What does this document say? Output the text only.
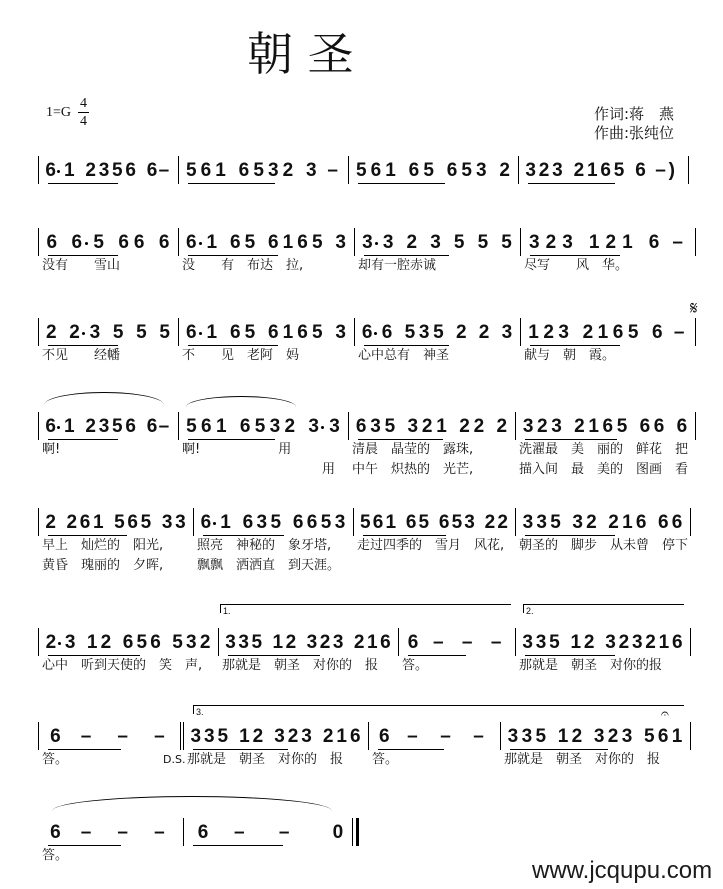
朝 圣
1=G
4
4	作词:蒋　燕
作曲:张纯位
6 1 2 3 5 6 6 – 5 6 1 6 5 3 2 3 – 5 6 1 6 5 6 5 3 2 3 2 3 2 1 6 5 6 – )
6 6 5 6 6 6 6 1 6 5 6 1 6 5 3 3 3 2 3 5 5 5 3 2 3 1 2 1 6 –
没有　　雪山	没　　有　布达　拉,	却有一腔赤诚	尽写　　风　华。
2 2 3 5 5 5 6 1 6 5 6 1 6 5 3 6 6 5 3 5 2 2 3 1 2 3 2 1 6 5 6 –
不见　　经幡	不　　见　老阿　妈	心中总有　神圣	献与　朝　霞。
6 1 2 3 5 6 6 – 5 6 1 6 5 3 2 3 3 6 3 5 3 2 1 2 2 2 3 2 3 2 1 6 5 6 6 6
啊!	啊!　　　　　　用	清晨　晶莹的　露珠,	洗濯最　美　丽的　鲜花　把
用 中午　炽热的　光芒,	描入间　最　美的　图画　看
2 2 6 1 5 6 5 3 3 6 1 6 3 5 6 6 5 3 5 6 1 6 5 6 5 3 2 2 3 3 5 3 2 2 1 6 6 6
早上　灿烂的　阳光,	照亮　神秘的　象牙塔, 走过四季的　雪月　风花, 朝圣的　脚步　从未曾　停下
黄昏　瑰丽的　夕晖,	飘飘　洒洒直　到天涯。
2 3 1 2 6 5 6 5 3 2 3 3 5 1 2 3 2 3 2 1 6 6 – – – 3 3 5 1 2 3 2 3 2 1 6
心中　听到天使的　笑　声, 那就是　朝圣　对你的　报 答。	那就是　朝圣　对你的报
6 – – – 3 3 5 1 2 3 2 3 2 1 6 6 – – – 3 3 5 1 2 3 2 3 5 6 1
答。	那就是　朝圣　对你的　报 答。	那就是　朝圣　对你的　报
6 – – – 6 – – 0
答。
1.	2.
3.
D.S.
𝄋
𝄐
www.jcqupu.com
